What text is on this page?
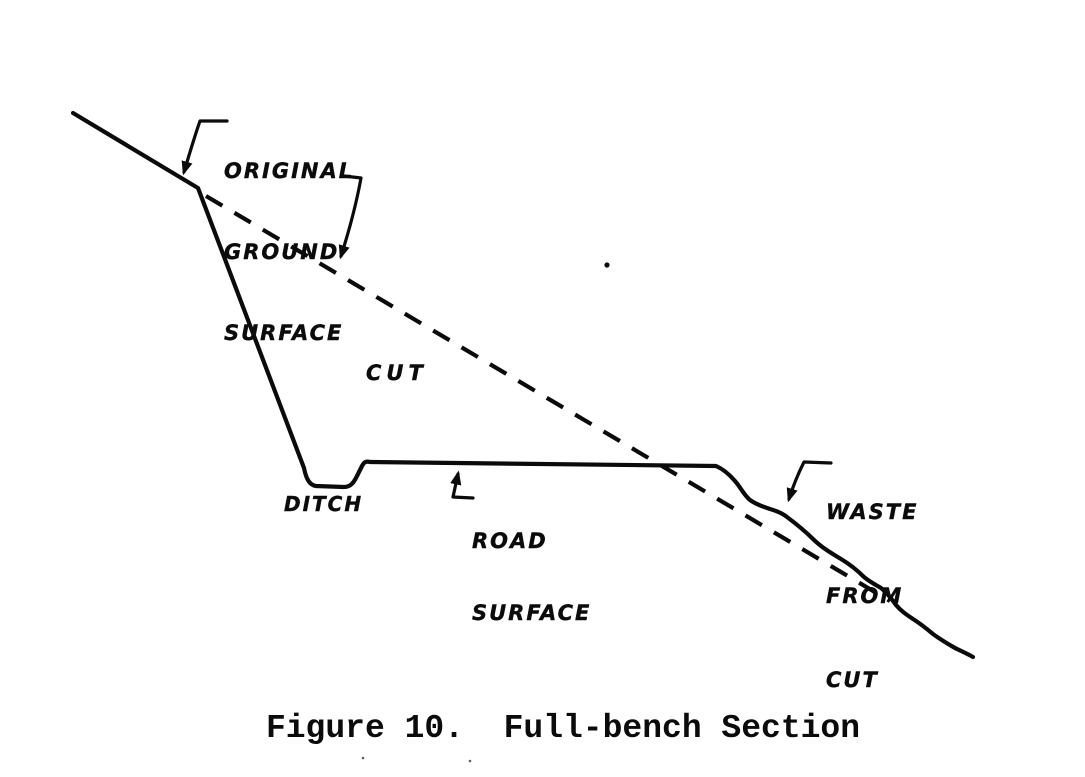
ORIGINAL

GROUND

SURFACE

CUT
DITCH

ROAD

SURFACE

WASTE

FROM

CUT

Figure 10.  Full-bench Section
